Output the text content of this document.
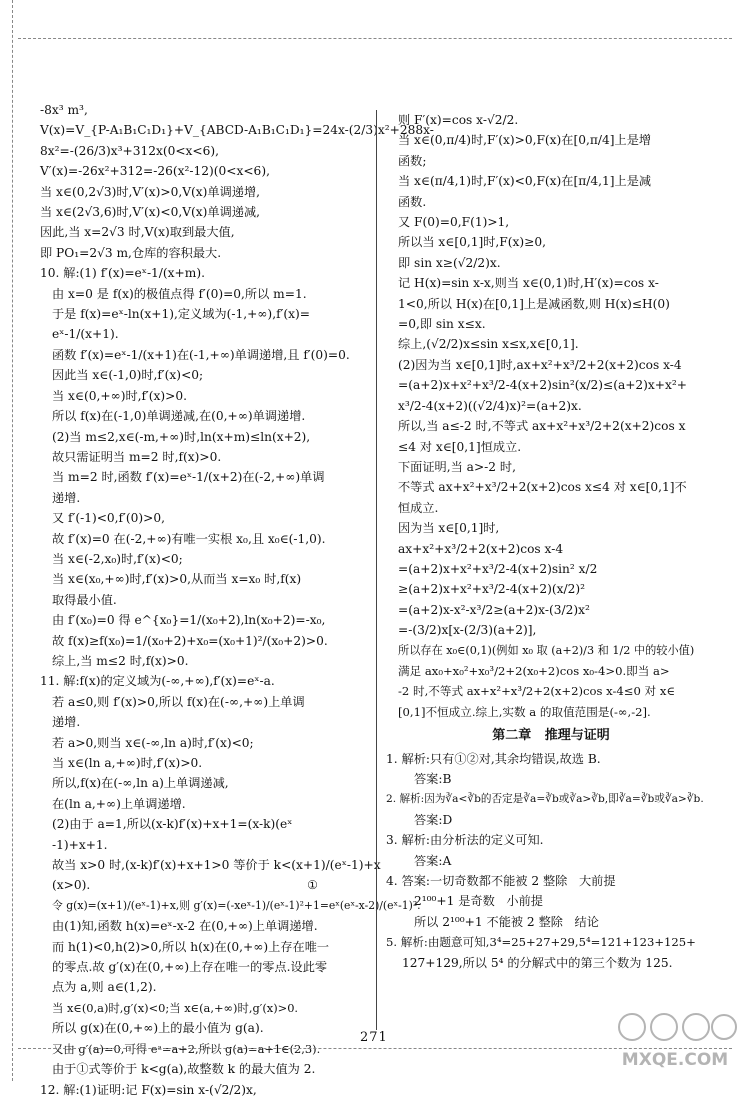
-8x³ m³,

V(x)=V_{P-A₁B₁C₁D₁}+V_{ABCD-A₁B₁C₁D₁}=24x-(2/3)x²+288x-

8x²=-(26/3)x³+312x(0<x<6),

V′(x)=-26x²+312=-26(x²-12)(0<x<6),

当 x∈(0,2√3)时,V′(x)>0,V(x)单调递增,

当 x∈(2√3,6)时,V′(x)<0,V(x)单调递减,

因此,当 x=2√3 时,V(x)取到最大值,

即 PO₁=2√3 m,仓库的容积最大.

10. 解:(1) f′(x)=eˣ-1/(x+m).

由 x=0 是 f(x)的极值点得 f′(0)=0,所以 m=1.

于是 f(x)=eˣ-ln(x+1),定义域为(-1,+∞),f′(x)=

eˣ-1/(x+1).

函数 f′(x)=eˣ-1/(x+1)在(-1,+∞)单调递增,且 f′(0)=0.

因此当 x∈(-1,0)时,f′(x)<0;

当 x∈(0,+∞)时,f′(x)>0.

所以 f(x)在(-1,0)单调递减,在(0,+∞)单调递增.

(2)当 m≤2,x∈(-m,+∞)时,ln(x+m)≤ln(x+2),

故只需证明当 m=2 时,f(x)>0.

当 m=2 时,函数 f′(x)=eˣ-1/(x+2)在(-2,+∞)单调

递增.

又 f′(-1)<0,f′(0)>0,

故 f′(x)=0 在(-2,+∞)有唯一实根 x₀,且 x₀∈(-1,0).

当 x∈(-2,x₀)时,f′(x)<0;

当 x∈(x₀,+∞)时,f′(x)>0,从而当 x=x₀ 时,f(x)

取得最小值.

由 f′(x₀)=0 得 e^{x₀}=1/(x₀+2),ln(x₀+2)=-x₀,

故 f(x)≥f(x₀)=1/(x₀+2)+x₀=(x₀+1)²/(x₀+2)>0.

综上,当 m≤2 时,f(x)>0.

11. 解:f(x)的定义域为(-∞,+∞),f′(x)=eˣ-a.

若 a≤0,则 f′(x)>0,所以 f(x)在(-∞,+∞)上单调

递增.

若 a>0,则当 x∈(-∞,ln a)时,f′(x)<0;

当 x∈(ln a,+∞)时,f′(x)>0.

所以,f(x)在(-∞,ln a)上单调递减,

在(ln a,+∞)上单调递增.

(2)由于 a=1,所以(x-k)f′(x)+x+1=(x-k)(eˣ

-1)+x+1.

故当 x>0 时,(x-k)f′(x)+x+1>0 等价于 k<(x+1)/(eˣ-1)+x

(x>0).                                                        ①

令 g(x)=(x+1)/(eˣ-1)+x,则 g′(x)=(-xeˣ-1)/(eˣ-1)²+1=eˣ(eˣ-x-2)/(eˣ-1)².

由(1)知,函数 h(x)=eˣ-x-2 在(0,+∞)上单调递增.

而 h(1)<0,h(2)>0,所以 h(x)在(0,+∞)上存在唯一

的零点.故 g′(x)在(0,+∞)上存在唯一的零点.设此零

点为 a,则 a∈(1,2).

当 x∈(0,a)时,g′(x)<0;当 x∈(a,+∞)时,g′(x)>0.

所以 g(x)在(0,+∞)上的最小值为 g(a).

又由 g′(a)=0,可得 eᵃ=a+2,所以 g(a)=a+1∈(2,3).

由于①式等价于 k<g(a),故整数 k 的最大值为 2.

12. 解:(1)证明:记 F(x)=sin x-(√2/2)x,

则 F′(x)=cos x-√2/2.

当 x∈(0,π/4)时,F′(x)>0,F(x)在[0,π/4]上是增

函数;

当 x∈(π/4,1)时,F′(x)<0,F(x)在[π/4,1]上是减

函数.

又 F(0)=0,F(1)>1,

所以当 x∈[0,1]时,F(x)≥0,

即 sin x≥(√2/2)x.

记 H(x)=sin x-x,则当 x∈(0,1)时,H′(x)=cos x-

1<0,所以 H(x)在[0,1]上是减函数,则 H(x)≤H(0)

=0,即 sin x≤x.

综上,(√2/2)x≤sin x≤x,x∈[0,1].

(2)因为当 x∈[0,1]时,ax+x²+x³/2+2(x+2)cos x-4

=(a+2)x+x²+x³/2-4(x+2)sin²(x/2)≤(a+2)x+x²+

x³/2-4(x+2)((√2/4)x)²=(a+2)x.

所以,当 a≤-2 时,不等式 ax+x²+x³/2+2(x+2)cos x

≤4 对 x∈[0,1]恒成立.

下面证明,当 a>-2 时,

不等式 ax+x²+x³/2+2(x+2)cos x≤4 对 x∈[0,1]不

恒成立.

因为当 x∈[0,1]时,

ax+x²+x³/2+2(x+2)cos x-4

=(a+2)x+x²+x³/2-4(x+2)sin² x/2

≥(a+2)x+x²+x³/2-4(x+2)(x/2)²

=(a+2)x-x²-x³/2≥(a+2)x-(3/2)x²

=-(3/2)x[x-(2/3)(a+2)],

所以存在 x₀∈(0,1)(例如 x₀ 取 (a+2)/3 和 1/2 中的较小值)

满足 ax₀+x₀²+x₀³/2+2(x₀+2)cos x₀-4>0.即当 a>

-2 时,不等式 ax+x²+x³/2+2(x+2)cos x-4≤0 对 x∈

[0,1]不恒成立.综上,实数 a 的取值范围是(-∞,-2].

第二章   推理与证明

1. 解析:只有①②对,其余均错误,故选 B.

答案:B

2. 解析:因为∛a<∛b的否定是∛a=∛b或∛a>∛b,即∛a=∛b或∛a>∛b.

答案:D

3. 解析:由分析法的定义可知.

答案:A

4. 答案:一切奇数都不能被 2 整除   大前提

2¹⁰⁰+1 是奇数   小前提

所以 2¹⁰⁰+1 不能被 2 整除   结论

5. 解析:由题意可知,3⁴=25+27+29,5⁴=121+123+125+

127+129,所以 5⁴ 的分解式中的第三个数为 125.

271
MXQE.COM
